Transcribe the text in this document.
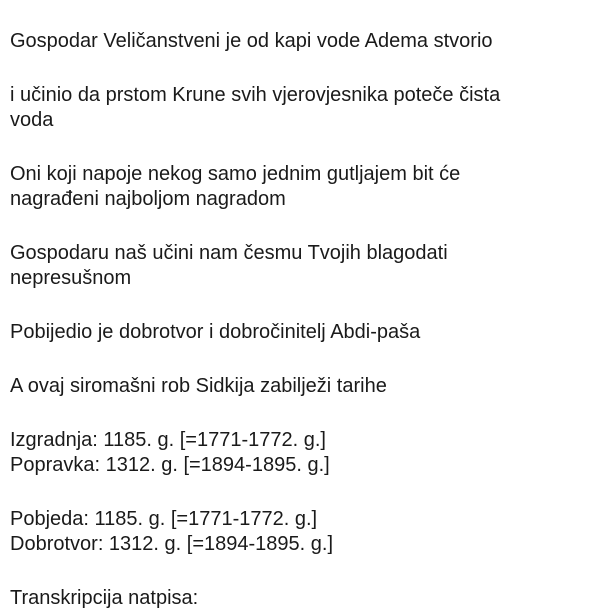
Gospodar Veličanstveni je od kapi vode Adema stvorio

i učinio da prstom Krune svih vjerovjesnika poteče čista
voda

Oni koji napoje nekog samo jednim gutljajem bit će
nagrađeni najboljom nagradom

Gospodaru naš učini nam česmu Tvojih blagodati
nepresušnom

Pobijedio je dobrotvor i dobročinitelj Abdi-paša

A ovaj siromašni rob Sidkija zabilježi tarihe

Izgradnja: 1185. g. [=1771-1772. g.]
Popravka: 1312. g. [=1894-1895. g.]

Pobjeda: 1185. g. [=1771-1772. g.]
Dobrotvor: 1312. g. [=1894-1895. g.]

Transkripcija natpisa:
